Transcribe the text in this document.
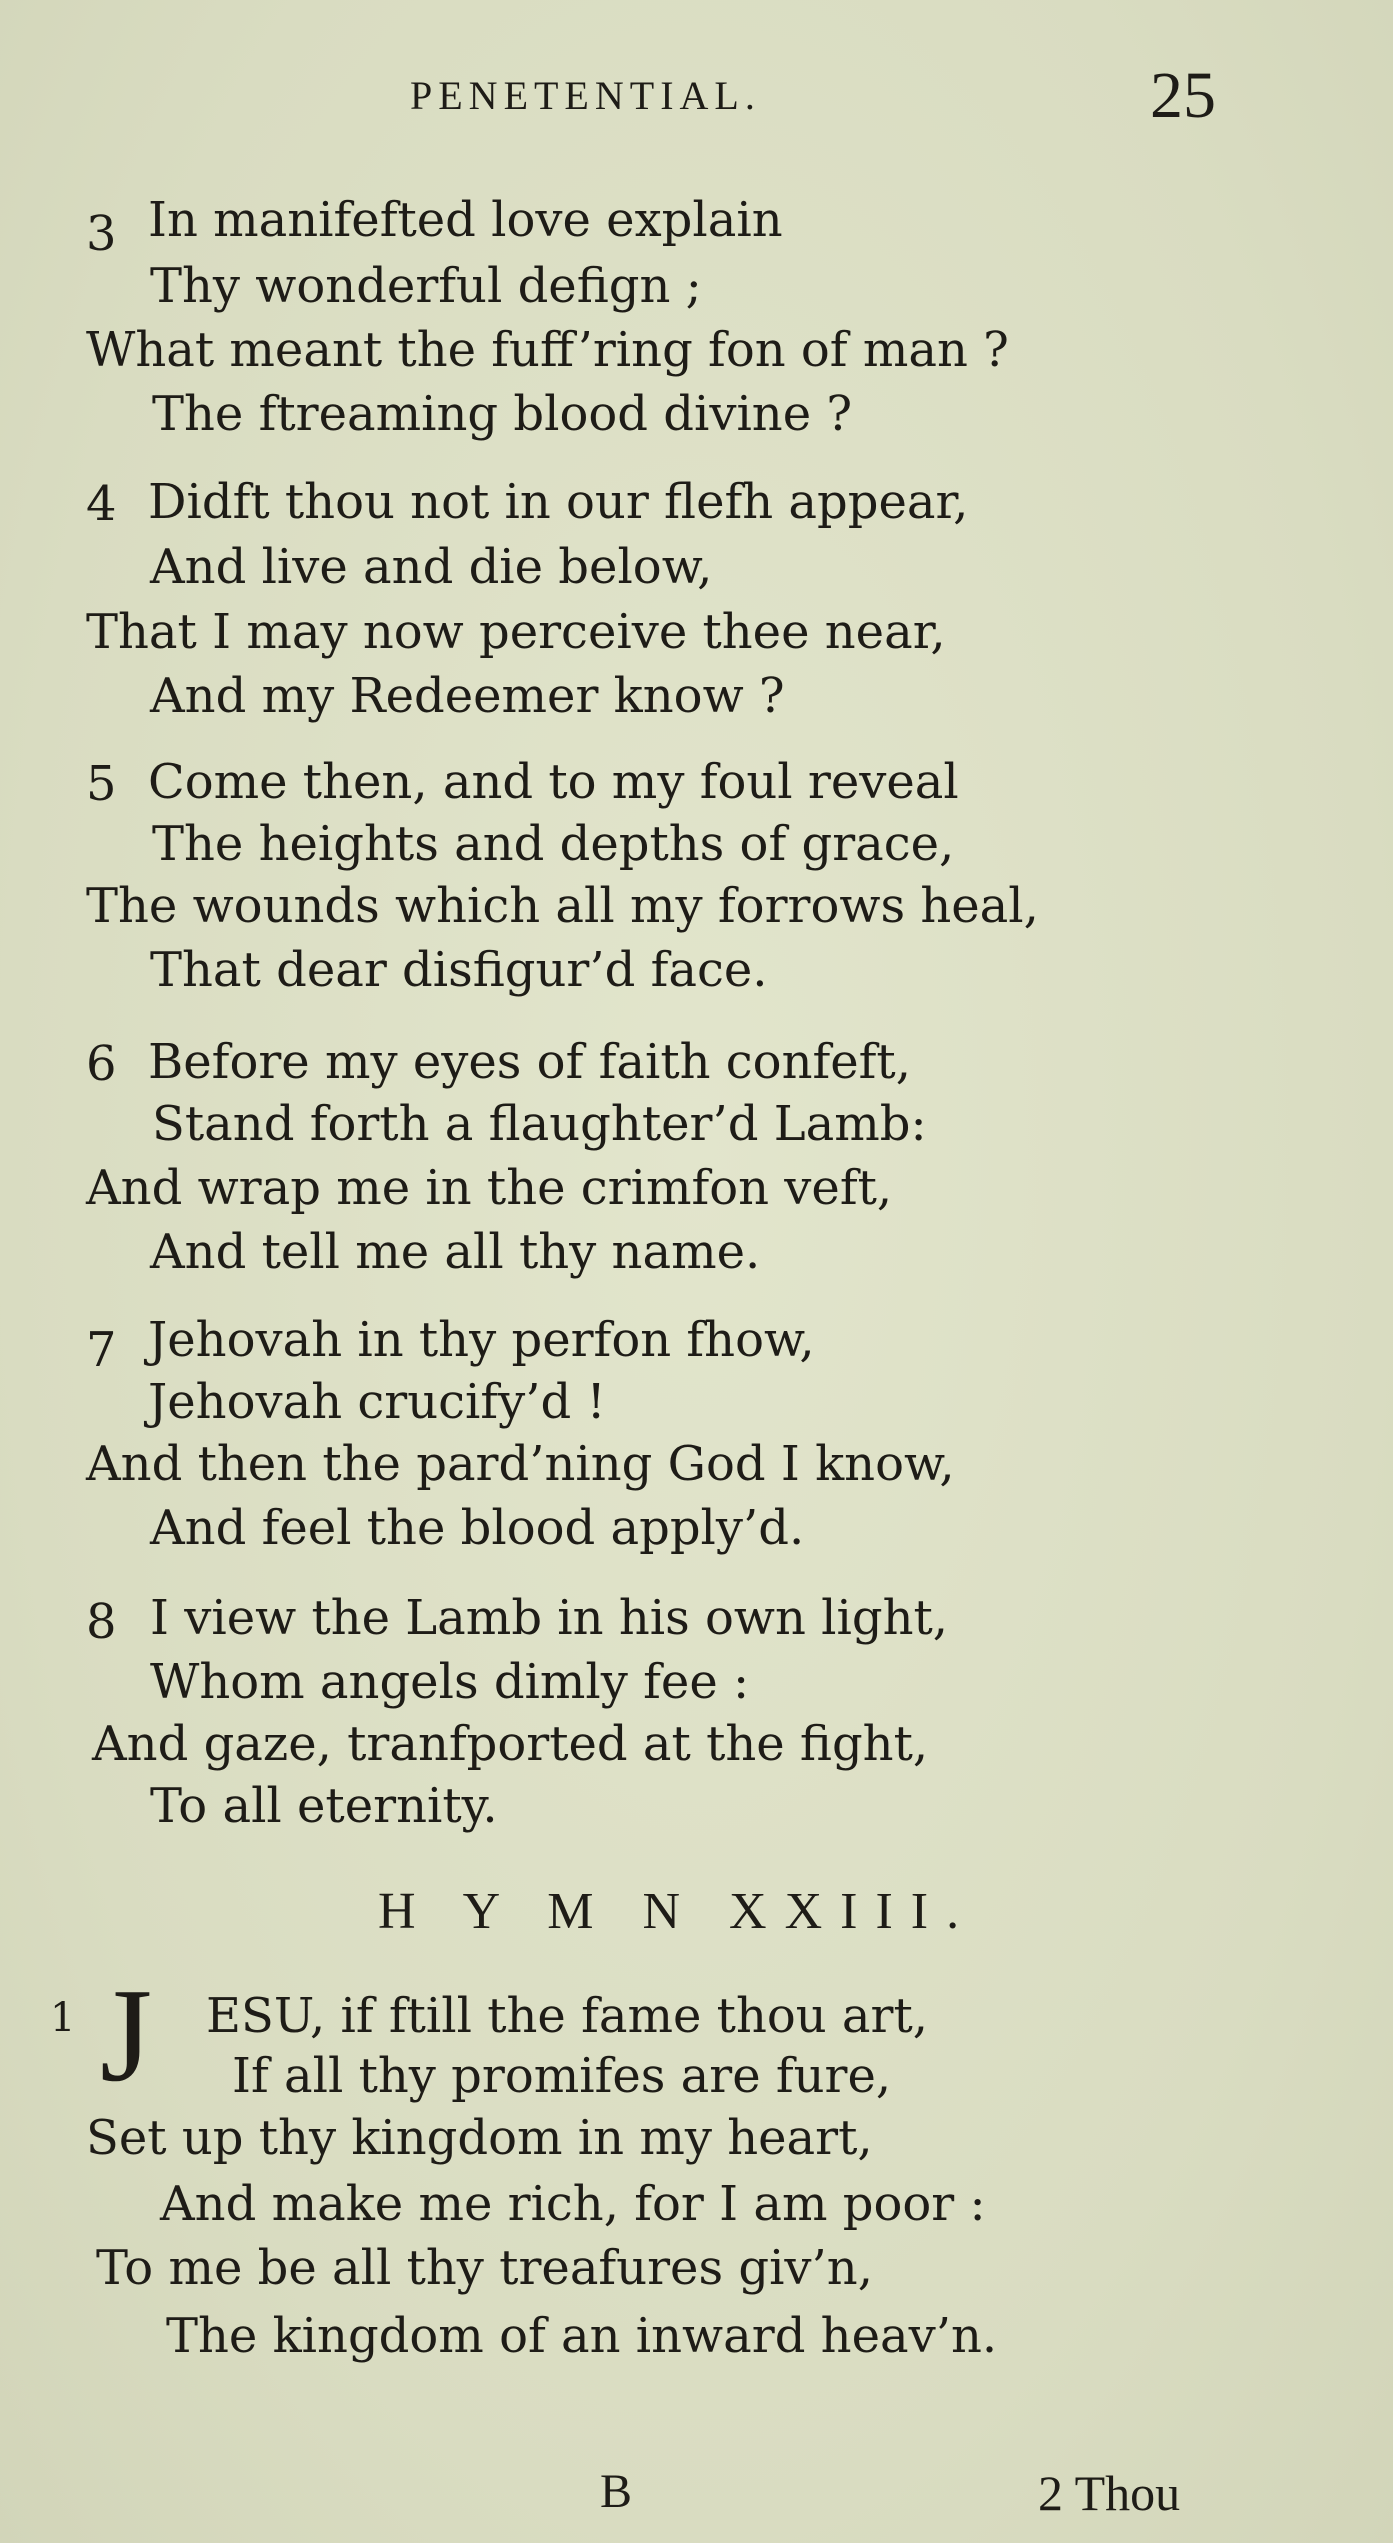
PENETENTIAL.	25
3 In manifefted love explain
Thy wonderful defign ;
What meant the fuff’ring fon of man ?
The ftreaming blood divine ?
4 Didft thou not in our flefh appear,
And live and die below,
That I may now perceive thee near,
And my Redeemer know ?
5 Come then, and to my foul reveal
The heights and depths of grace,
The wounds which all my forrows heal,
That dear disfigur’d face.
6 Before my eyes of faith confeft,
Stand forth a flaughter’d Lamb:
And wrap me in the crimfon veft,
And tell me all thy name.
7 Jehovah in thy perfon fhow,
Jehovah crucify’d !
And then the pard’ning God I know,
And feel the blood apply’d.
8 I view the Lamb in his own light,
Whom angels dimly fee :
And gaze, tranfported at the fight,
To all eternity.
H Y M N XXIII.
1 J ESU, if ftill the fame thou art,
If all thy promifes are fure,
Set up thy kingdom in my heart,
And make me rich, for I am poor :
To me be all thy treafures giv’n,
The kingdom of an inward heav’n.
B	2 Thou
